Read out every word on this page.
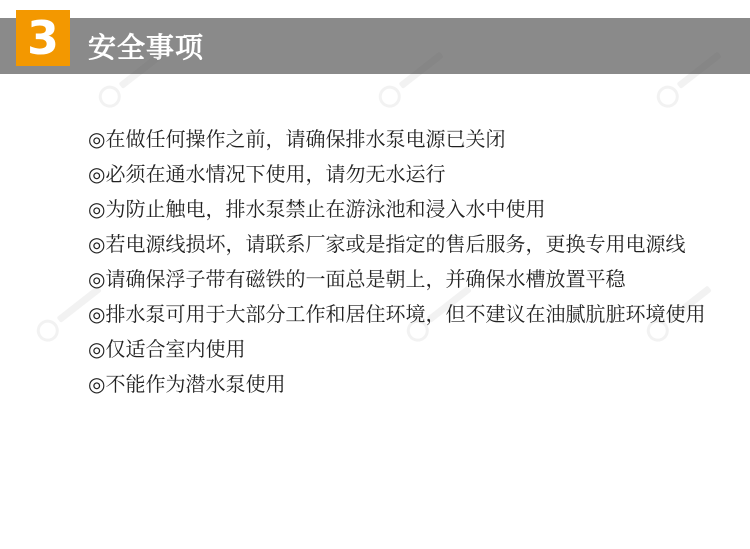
3	安全事项
◎在做任何操作之前，请确保排水泵电源已关闭
◎必须在通水情况下使用，请勿无水运行
◎为防止触电，排水泵禁止在游泳池和浸入水中使用
◎若电源线损坏，请联系厂家或是指定的售后服务，更换专用电源线
◎请确保浮子带有磁铁的一面总是朝上，并确保水槽放置平稳
◎排水泵可用于大部分工作和居住环境，但不建议在油腻肮脏环境使用
◎仅适合室内使用
◎不能作为潜水泵使用
